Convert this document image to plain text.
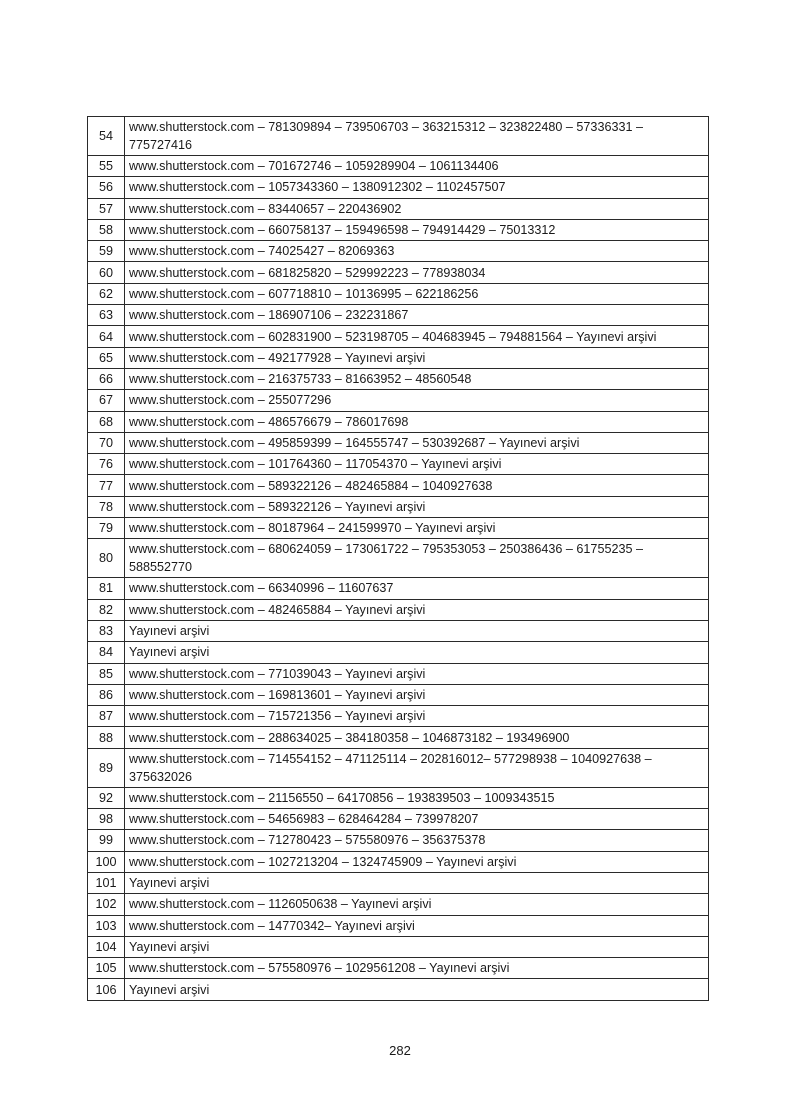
54	www.shutterstock.com – 781309894 – 739506703 – 363215312 – 323822480 – 57336331 – 775727416
55	www.shutterstock.com – 701672746 – 1059289904 – 1061134406
56	www.shutterstock.com – 1057343360 – 1380912302 – 1102457507
57	www.shutterstock.com – 83440657 – 220436902
58	www.shutterstock.com – 660758137 – 159496598 – 794914429 – 75013312
59	www.shutterstock.com – 74025427 – 82069363
60	www.shutterstock.com – 681825820 – 529992223 – 778938034
62	www.shutterstock.com – 607718810 – 10136995 – 622186256
63	www.shutterstock.com – 186907106 – 232231867
64	www.shutterstock.com – 602831900 – 523198705 – 404683945 – 794881564 – Yayınevi arşivi
65	www.shutterstock.com – 492177928 – Yayınevi arşivi
66	www.shutterstock.com – 216375733 – 81663952 – 48560548
67	www.shutterstock.com – 255077296
68	www.shutterstock.com – 486576679 – 786017698
70	www.shutterstock.com – 495859399 – 164555747 – 530392687 – Yayınevi arşivi
76	www.shutterstock.com – 101764360 – 117054370 – Yayınevi arşivi
77	www.shutterstock.com – 589322126 – 482465884 – 1040927638
78	www.shutterstock.com – 589322126 – Yayınevi arşivi
79	www.shutterstock.com – 80187964 – 241599970 – Yayınevi arşivi
80	www.shutterstock.com – 680624059 – 173061722 – 795353053 – 250386436 – 61755235 – 588552770
81	www.shutterstock.com – 66340996 – 11607637
82	www.shutterstock.com – 482465884 – Yayınevi arşivi
83	Yayınevi arşivi
84	Yayınevi arşivi
85	www.shutterstock.com – 771039043 – Yayınevi arşivi
86	www.shutterstock.com – 169813601 – Yayınevi arşivi
87	www.shutterstock.com – 715721356 – Yayınevi arşivi
88	www.shutterstock.com – 288634025 – 384180358 – 1046873182 – 193496900
89	www.shutterstock.com – 714554152 – 471125114 – 202816012– 577298938 – 1040927638 – 375632026
92	www.shutterstock.com – 21156550 – 64170856 – 193839503 – 1009343515
98	www.shutterstock.com – 54656983 – 628464284 – 739978207
99	www.shutterstock.com – 712780423 – 575580976 – 356375378
100	www.shutterstock.com – 1027213204 – 1324745909 – Yayınevi arşivi
101	Yayınevi arşivi
102	www.shutterstock.com – 1126050638 – Yayınevi arşivi
103	www.shutterstock.com – 14770342– Yayınevi arşivi
104	Yayınevi arşivi
105	www.shutterstock.com – 575580976 – 1029561208 – Yayınevi arşivi
106	Yayınevi arşivi
282
